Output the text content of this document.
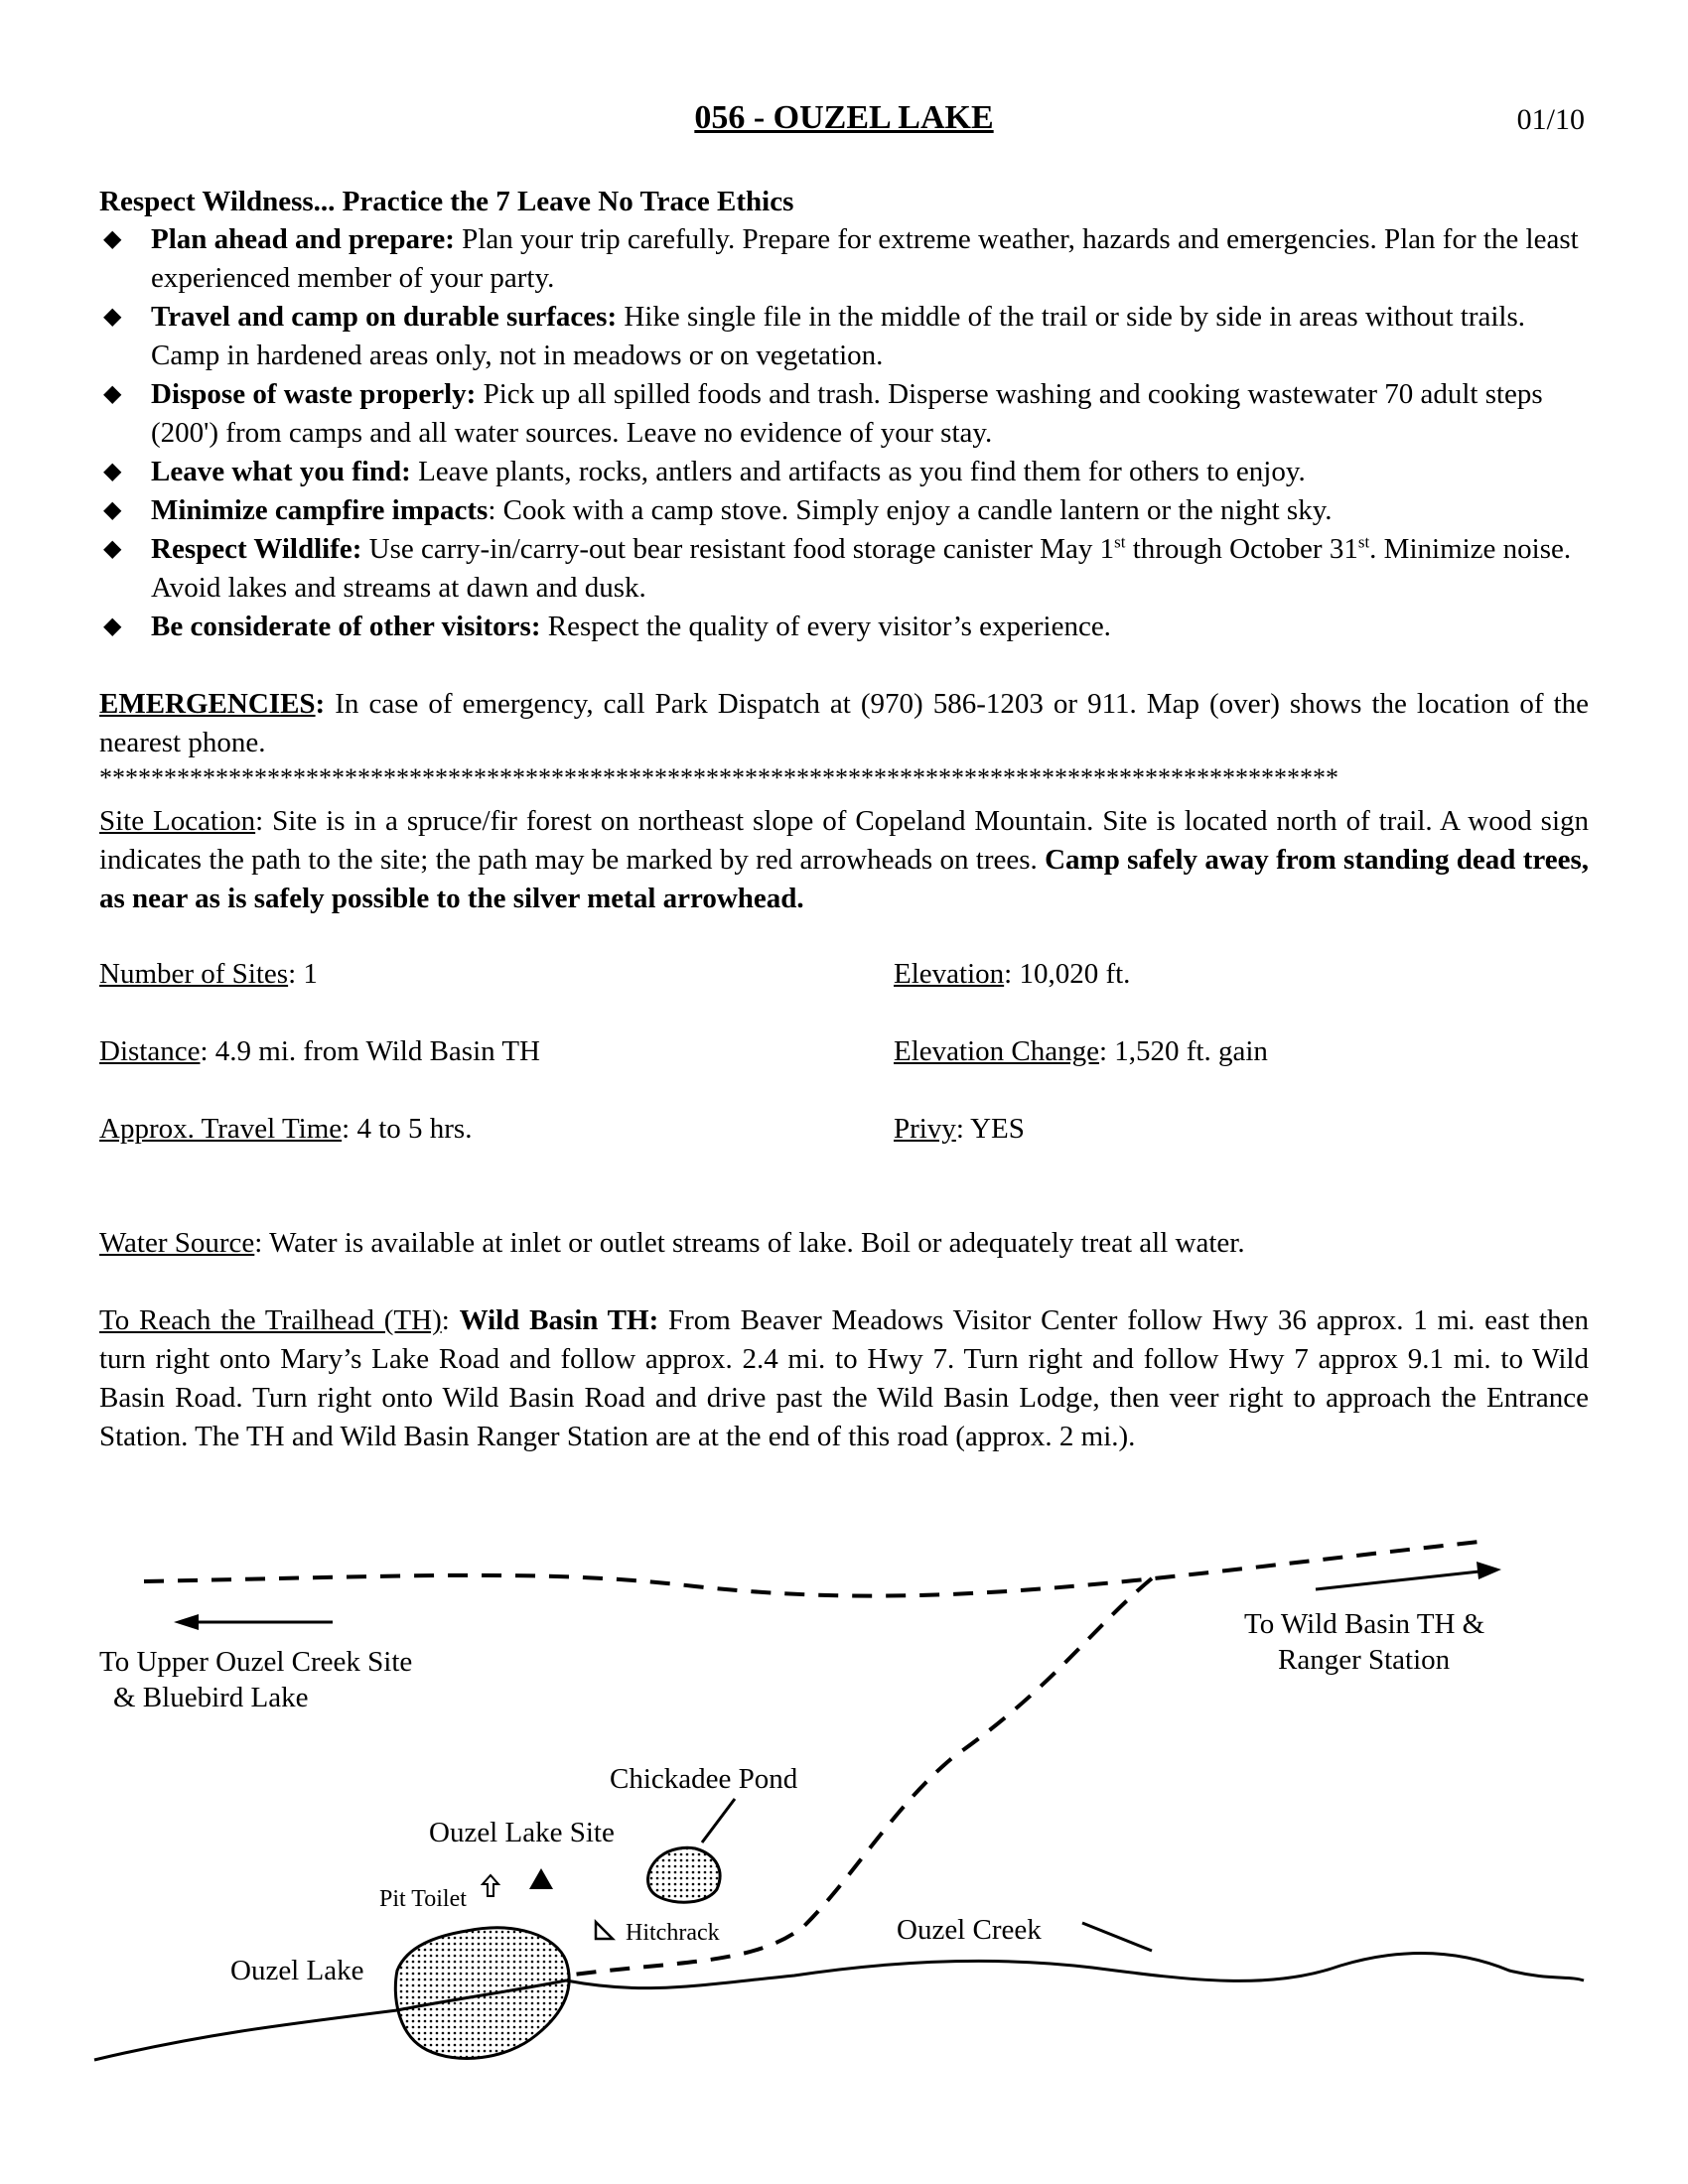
056 - OUZEL LAKE	01/10
Respect Wildness... Practice the 7 Leave No Trace Ethics
◆ Plan ahead and prepare: Plan your trip carefully. Prepare for extreme weather, hazards and emergencies. Plan for the least experienced member of your party.
◆ Travel and camp on durable surfaces: Hike single file in the middle of the trail or side by side in areas without trails. Camp in hardened areas only, not in meadows or on vegetation.
◆ Dispose of waste properly: Pick up all spilled foods and trash. Disperse washing and cooking wastewater 70 adult steps (200') from camps and all water sources. Leave no evidence of your stay.
◆ Leave what you find: Leave plants, rocks, antlers and artifacts as you find them for others to enjoy.
◆ Minimize campfire impacts: Cook with a camp stove. Simply enjoy a candle lantern or the night sky.
◆ Respect Wildlife: Use carry-in/carry-out bear resistant food storage canister May 1st through October 31st. Minimize noise. Avoid lakes and streams at dawn and dusk.
◆ Be considerate of other visitors: Respect the quality of every visitor’s experience.
EMERGENCIES: In case of emergency, call Park Dispatch at (970) 586-1203 or 911. Map (over) shows the location of the nearest phone.
************************************************************************************************
Site Location: Site is in a spruce/fir forest on northeast slope of Copeland Mountain. Site is located north of trail. A wood sign indicates the path to the site; the path may be marked by red arrowheads on trees. Camp safely away from standing dead trees, as near as is safely possible to the silver metal arrowhead.
Number of Sites: 1	Elevation: 10,020 ft.
Distance: 4.9 mi. from Wild Basin TH	Elevation Change: 1,520 ft. gain
Approx. Travel Time: 4 to 5 hrs.	Privy: YES
Water Source: Water is available at inlet or outlet streams of lake. Boil or adequately treat all water.
To Reach the Trailhead (TH): Wild Basin TH: From Beaver Meadows Visitor Center follow Hwy 36 approx. 1 mi. east then turn right onto Mary’s Lake Road and follow approx. 2.4 mi. to Hwy 7. Turn right and follow Hwy 7 approx 9.1 mi. to Wild Basin Road. Turn right onto Wild Basin Road and drive past the Wild Basin Lodge, then veer right to approach the Entrance Station. The TH and Wild Basin Ranger Station are at the end of this road (approx. 2 mi.).
To Upper Ouzel Creek Site
& Bluebird Lake
To Wild Basin TH &
Ranger Station
Chickadee Pond
Ouzel Lake Site
Pit Toilet
Hitchrack	Ouzel Creek
Ouzel Lake
